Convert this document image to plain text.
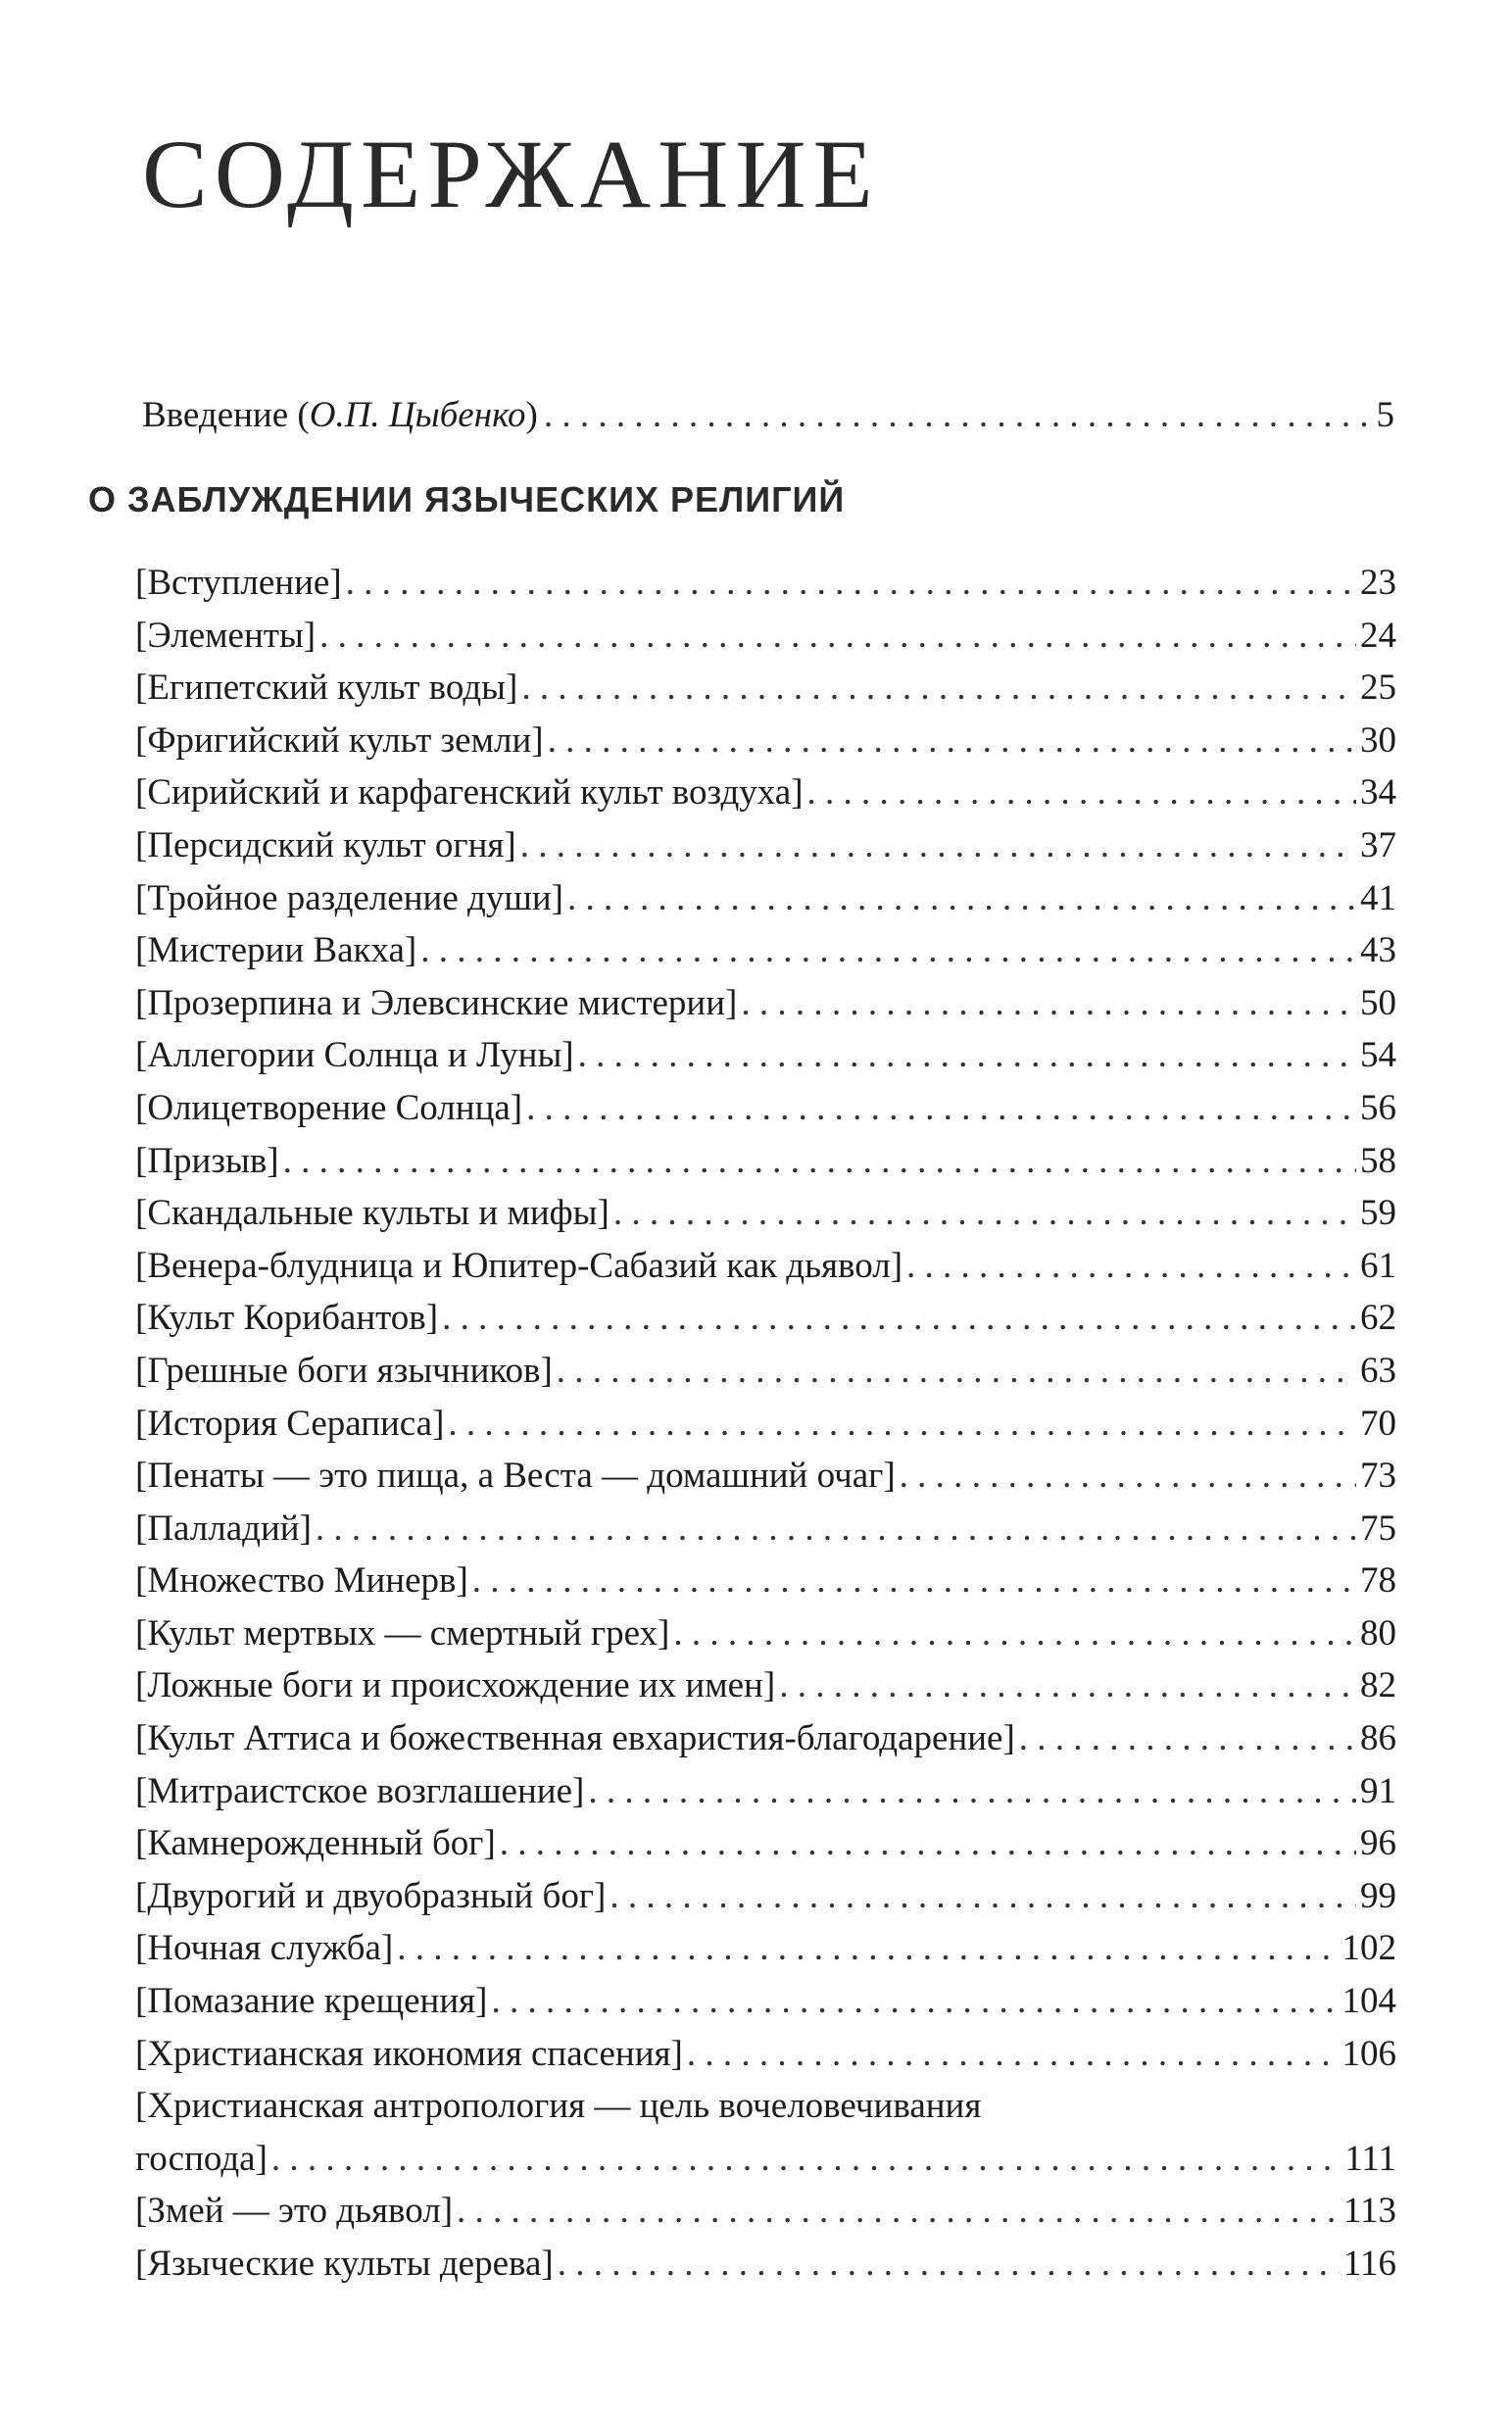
СОДЕРЖАНИЕ
Введение (О.П. Цыбенко) . . .	5
О ЗАБЛУЖДЕНИИ ЯЗЫЧЕСКИХ РЕЛИГИЙ
[Вступление] . . .	23
[Элементы] . . .	24
[Египетский культ воды] . . .	25
[Фригийский культ земли] . . .	30
[Сирийский и карфагенский культ воздуха] . . .	34
[Персидский культ огня] . . .	37
[Тройное разделение души] . . .	41
[Мистерии Вакха] . . .	43
[Прозерпина и Элевсинские мистерии] . . .	50
[Аллегории Солнца и Луны] . . .	54
[Олицетворение Солнца] . . .	56
[Призыв] . . .	58
[Скандальные культы и мифы] . . .	59
[Венера-блудница и Юпитер-Сабазий как дьявол] . . .	61
[Культ Корибантов] . . .	62
[Грешные боги язычников] . . .	63
[История Сераписа] . . .	70
[Пенаты — это пища, а Веста — домашний очаг] . . .	73
[Палладий] . . .	75
[Множество Минерв] . . .	78
[Культ мертвых — смертный грех] . . .	80
[Ложные боги и происхождение их имен] . . .	82
[Культ Аттиса и божественная евхаристия-благодарение] . . .	86
[Митраистское возглашение] . . .	91
[Камнерожденный бог] . . .	96
[Двурогий и двуобразный бог] . . .	99
[Ночная служба] . . .	102
[Помазание крещения] . . .	104
[Христианская икономия спасения] . . .	106
[Христианская антропология — цель вочеловечивания
господа] . . .	111
[Змей — это дьявол] . . .	113
[Языческие культы дерева] . . .	116
